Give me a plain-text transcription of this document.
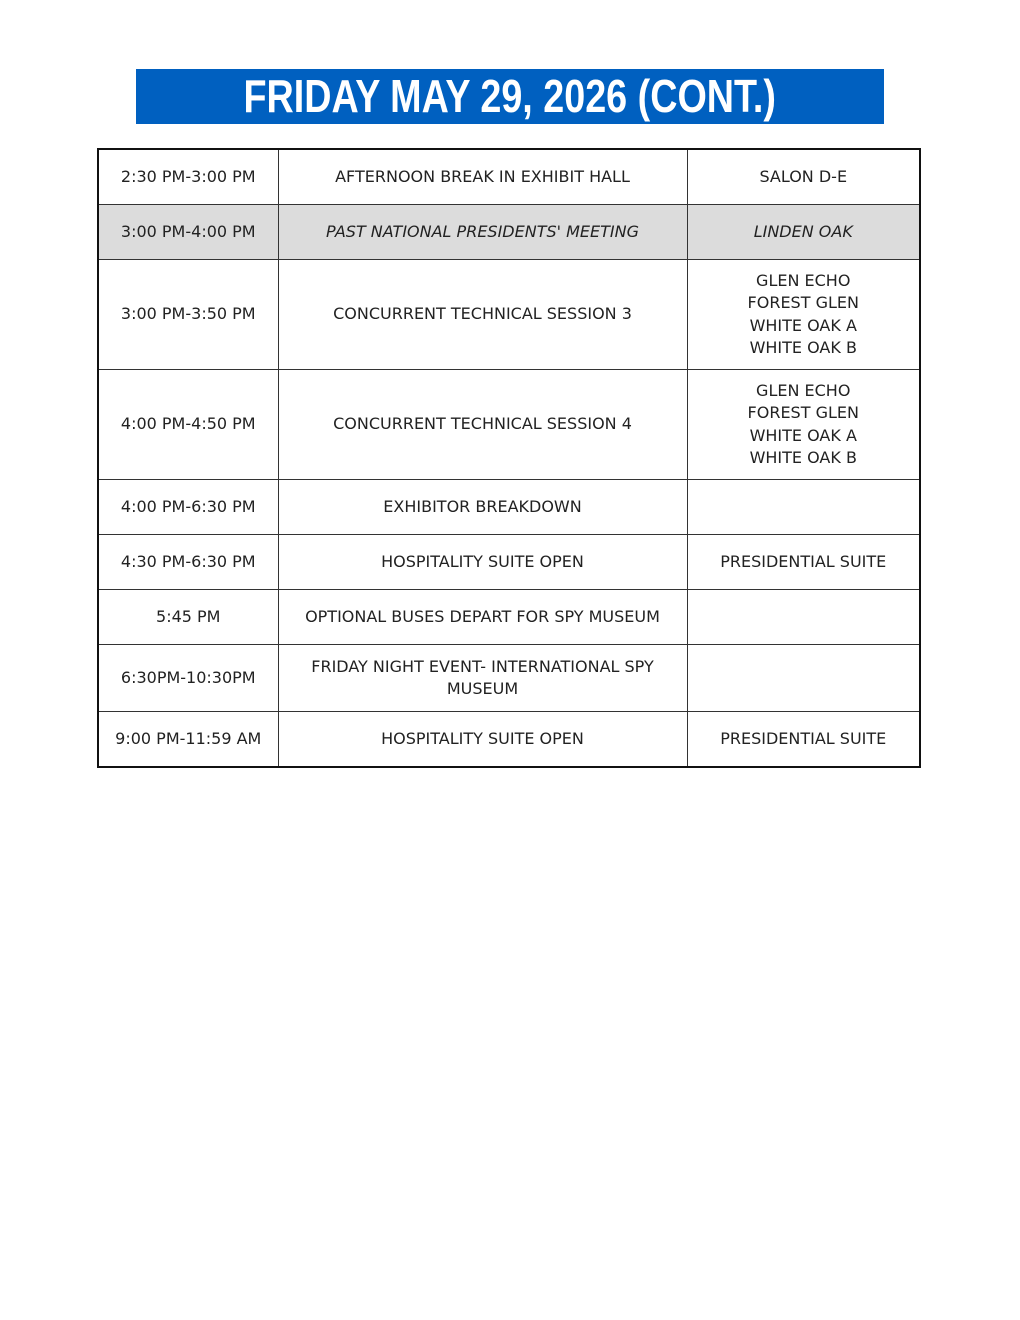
FRIDAY MAY 29, 2026 (CONT.)
2:30 PM-3:00 PM	AFTERNOON BREAK IN EXHIBIT HALL	SALON D-E

3:00 PM-4:00 PM	PAST NATIONAL PRESIDENTS' MEETING	LINDEN OAK

3:00 PM-3:50 PM	CONCURRENT TECHNICAL SESSION 3	GLEN ECHO
FOREST GLEN
WHITE OAK A
WHITE OAK B

4:00 PM-4:50 PM	CONCURRENT TECHNICAL SESSION 4	GLEN ECHO
FOREST GLEN
WHITE OAK A
WHITE OAK B

4:00 PM-6:30 PM	EXHIBITOR BREAKDOWN	
4:30 PM-6:30 PM	HOSPITALITY SUITE OPEN	PRESIDENTIAL SUITE

5:45 PM	OPTIONAL BUSES DEPART FOR SPY MUSEUM	
6:30PM-10:30PM	FRIDAY NIGHT EVENT- INTERNATIONAL SPY MUSEUM	
9:00 PM-11:59 AM	HOSPITALITY SUITE OPEN	PRESIDENTIAL SUITE
